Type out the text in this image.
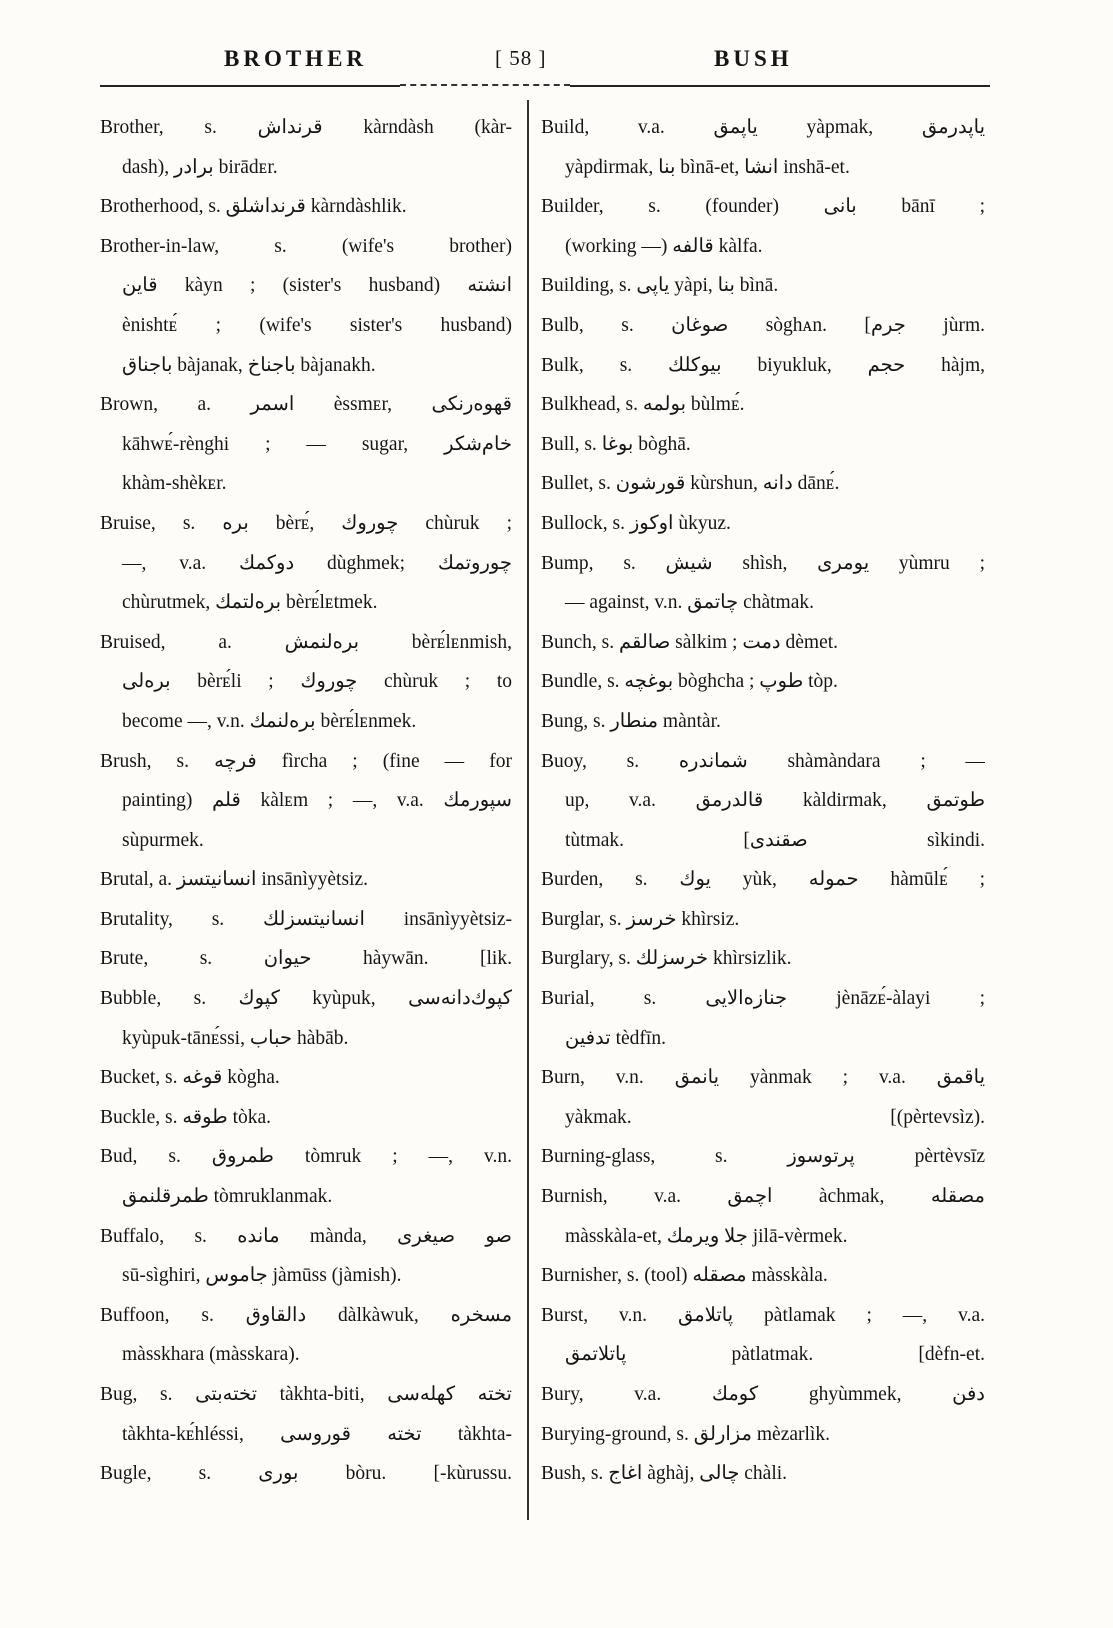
BROTHER	[ 58 ]	BUSH
Brother, s. قرنداش kàrndàsh (kàr-
dash), برادر birādᴇr.
Brotherhood, s. قرنداشلق kàrndàshlik.
Brother-in-law, s. (wife's brother)
قاين kàyn ; (sister's husband) انشته
ènishtᴇ́ ; (wife's sister's husband)
باجناق bàjanak, باجناخ bàjanakh.
Brown, a. اسمر èssmᴇr, قهوه‌رنكى
kāhwᴇ́-rènghi ; — sugar, خام‌شكر
khàm-shèkᴇr.
Bruise, s. بره bèrᴇ́, چوروك chùruk ;
—, v.a. دوكمك dùghmek; چوروتمك
chùrutmek, برەلتمك bèrᴇ́lᴇtmek.
Bruised, a. برەلنمش bèrᴇ́lᴇnmish,
برەلى bèrᴇ́li ; چوروك chùruk ; to
become —, v.n. برەلنمك bèrᴇ́lᴇnmek.
Brush, s. فرچه fìrcha ; (fine — for
painting) قلم kàlᴇm ; —, v.a. سپورمك
sùpurmek.
Brutal, a. انسانيتسز insānìyyètsiz.
Brutality, s. انسانيتسزلك insānìyyètsiz-
Brute, s. حيوان hàywān. [lik.
Bubble, s. كپوك kyùpuk, كپوك‌دانه‌سى
kyùpuk-tānᴇ́ssi, حباب hàbāb.
Bucket, s. قوغه kògha.
Buckle, s. طوقه tòka.
Bud, s. طمروق tòmruk ; —, v.n.
طمرقلنمق tòmruklanmak.
Buffalo, s. مانده mànda, صو صيغرى
sū-sìghiri, جاموس jàmūss (jàmish).
Buffoon, s. دالقاوق dàlkàwuk, مسخره
màsskhara (màsskara).
Bug, s. تخته‌بتى tàkhta-biti, تخته كهله‌سى
tàkhta-kᴇ́hléssi, تخته قوروسى tàkhta-
Bugle, s. بورى bòru. [-kùrussu.
Build, v.a. ياپمق yàpmak, ياپدرمق
yàpdirmak, بنا bìnā-et, انشا inshā-et.
Builder, s. (founder) بانى bānī ;
(working —) قالفه kàlfa.
Building, s. ياپى yàpi, بنا bìnā.
Bulb, s. صوغان sòghᴀn. [جرم jùrm.
Bulk, s. بيوكلك biyukluk, حجم hàjm,
Bulkhead, s. بولمه bùlmᴇ́.
Bull, s. بوغا bòghā.
Bullet, s. قورشون kùrshun, دانه dānᴇ́.
Bullock, s. اوكوز ùkyuz.
Bump, s. شيش shìsh, يومرى yùmru ;
— against, v.n. چاتمق chàtmak.
Bunch, s. صالقم sàlkim ; دمت dèmet.
Bundle, s. بوغچه bòghcha ; طوپ tòp.
Bung, s. منطار màntàr.
Buoy, s. شماندره shàmàndara ; —
up, v.a. قالدرمق kàldirmak, طوتمق
tùtmak. [صقندى sìkindi.
Burden, s. يوك yùk, حموله hàmūlᴇ́ ;
Burglar, s. خرسز khìrsiz.
Burglary, s. خرسزلك khìrsizlik.
Burial, s. جنازه‌الايى jènāzᴇ́-àlayi ;
تدفين tèdfīn.
Burn, v.n. يانمق yànmak ; v.a. ياقمق
yàkmak. [(pèrtevsìz).
Burning-glass, s. پرتوسوز pèrtèvsīz
Burnish, v.a. اچمق àchmak, مصقله
màsskàla-et, جلا ويرمك jilā-vèrmek.
Burnisher, s. (tool) مصقله màsskàla.
Burst, v.n. پاتلامق pàtlamak ; —, v.a.
پاتلاتمق pàtlatmak. [dèfn-et.
Bury, v.a. كومك ghyùmmek, دفن
Burying-ground, s. مزارلق mèzarlìk.
Bush, s. اغاج àghàj, چالى chàli.
